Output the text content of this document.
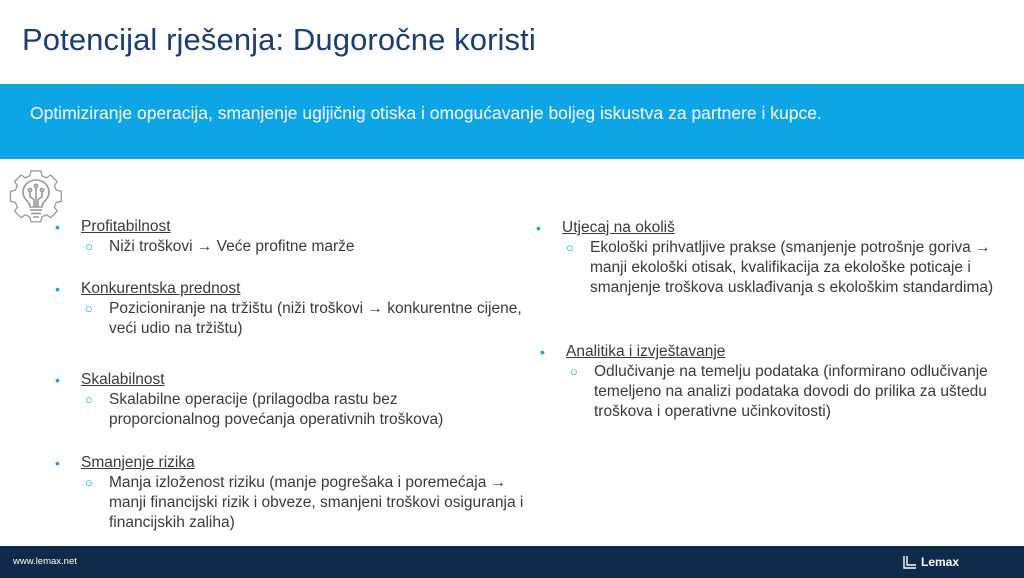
Potencijal rješenja: Dugoročne koristi
Optimiziranje operacija, smanjenje ugljičnig otiska i omogućavanje boljeg iskustva za partnere i kupce.
• Profitabilnost
○ Niži troškovi → Veće profitne marže
• Konkurentska prednost
○ Pozicioniranje na tržištu (niži troškovi → konkurentne cijene, veći udio na tržištu)
• Skalabilnost
○ Skalabilne operacije (prilagodba rastu bez proporcionalnog povećanja operativnih troškova)
• Smanjenje rizika
○ Manja izloženost riziku (manje pogrešaka i poremećaja → manji financijski rizik i obveze, smanjeni troškovi osiguranja i financijskih zaliha)
• Utjecaj na okoliš
○ Ekološki prihvatljive prakse (smanjenje potrošnje goriva → manji ekološki otisak, kvalifikacija za ekološke poticaje i smanjenje troškova usklađivanja s ekološkim standardima)
• Analitika i izvještavanje
○ Odlučivanje na temelju podataka (informirano odlučivanje temeljeno na analizi podataka dovodi do prilika za uštedu troškova i operativne učinkovitosti)
www.lemax.net	Lemax
